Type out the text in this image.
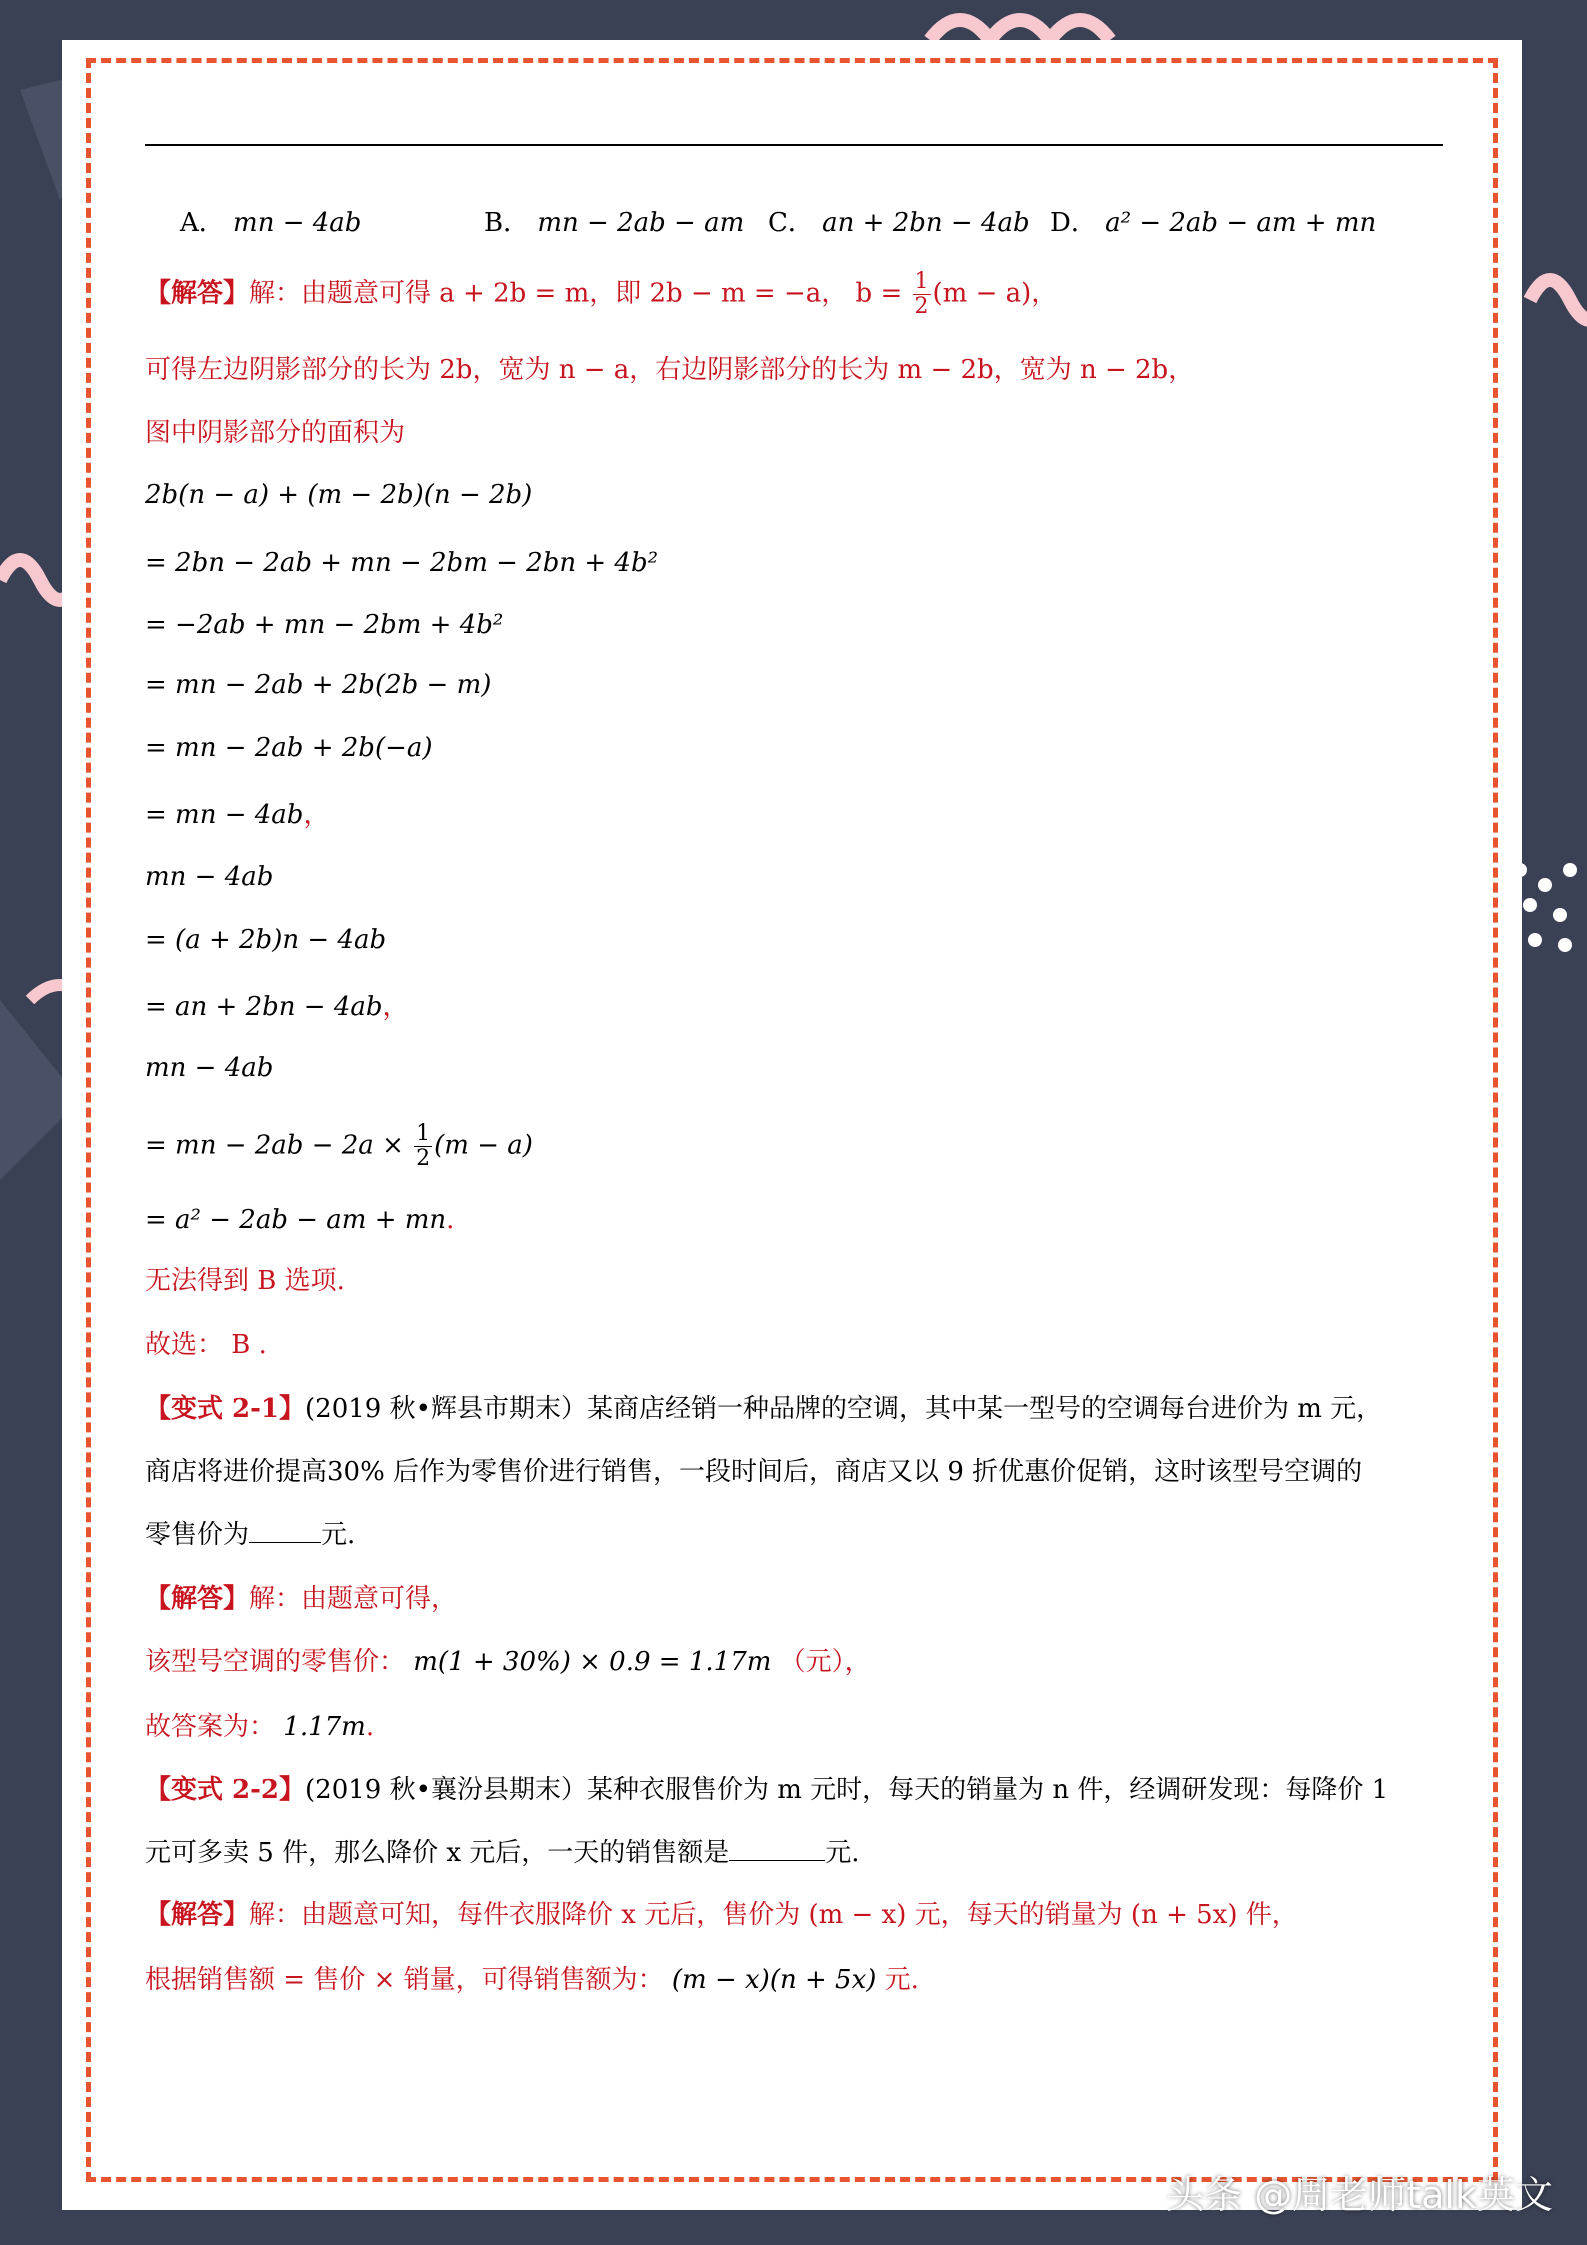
A． mn − 4ab	B． mn − 2ab − am C． an + 2bn − 4ab D． a² − 2ab − am + mn
【解答】解：由题意可得 a + 2b = m，即 2b − m = −a， $b = \frac{1}{2} (m - a)$，
可得左边阴影部分的长为 2b，宽为 n − a，右边阴影部分的长为 m − 2b，宽为 n − 2b，
图中阴影部分的面积为
2b(n − a) + (m − 2b)(n − 2b)
= 2bn − 2ab + mn − 2bm − 2bn + 4b²
= −2ab + mn − 2bm + 4b²
= mn − 2ab + 2b(2b − m)
= mn − 2ab + 2b(−a)
= mn − 4ab，
mn − 4ab
= (a + 2b)n − 4ab
= an + 2bn − 4ab，
mn − 4ab
= mn − $2ab - 2a \times \frac{1}{2} (m - a)$
= a² − 2ab − am + mn.
无法得到 B 选项.
故选： B .
【变式 2-1】(2019 秋•辉县市期末）某商店经销一种品牌的空调，其中某一型号的空调每台进价为 m 元，
商店将进价提高30% 后作为零售价进行销售，一段时间后，商店又以 9 折优惠价促销，这时该型号空调的
零售价为	元.
【解答】解：由题意可得，
该型号空调的零售价： m(1 + 30%) × 0.9 = 1.17m （元），
故答案为： 1.17m.
【变式 2-2】(2019 秋•襄汾县期末）某种衣服售价为 m 元时，每天的销量为 n 件，经调研发现：每降价 1
元可多卖 5 件，那么降价 x 元后，一天的销售额是	元.
【解答】解：由题意可知，每件衣服降价 x 元后，售价为 (m − x) 元，每天的销量为 (n + 5x) 件，
根据销售额 = 售价 × 销量，可得销售额为： (m − x)(n + 5x) 元.
头条 @周老师talk英文
